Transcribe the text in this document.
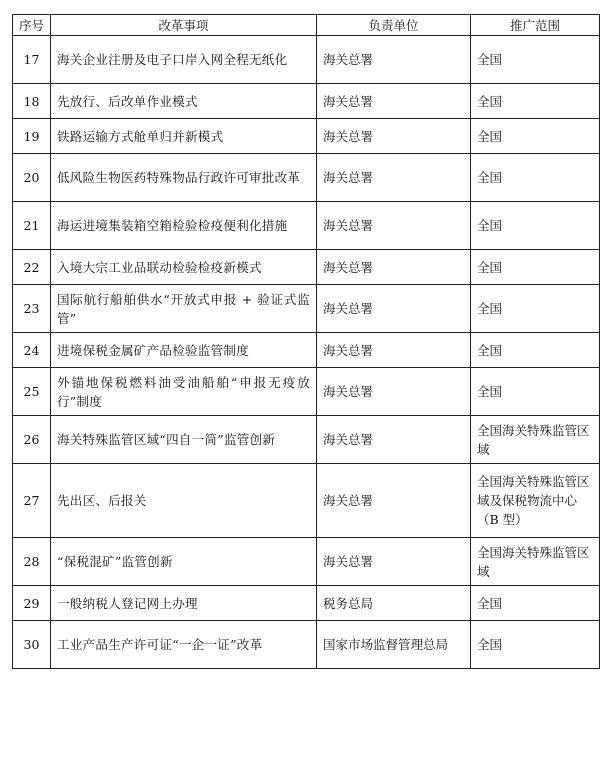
序号	改革事项	负责单位	推广范围
17	海关企业注册及电子口岸入网全程无纸化	海关总署	全国
18	先放行、后改单作业模式	海关总署	全国
19	铁路运输方式舱单归并新模式	海关总署	全国
20	低风险生物医药特殊物品行政许可审批改革	海关总署	全国
21	海运进境集装箱空箱检验检疫便利化措施	海关总署	全国
22	入境大宗工业品联动检验检疫新模式	海关总署	全国
23	国际航行船舶供水“开放式申报 + 验证式监管”	海关总署	全国
24	进境保税金属矿产品检验监管制度	海关总署	全国
25	外锚地保税燃料油受油船舶“申报无疫放行”制度	海关总署	全国
26	海关特殊监管区域“四自一简”监管创新	海关总署	全国海关特殊监管区域
27	先出区、后报关	海关总署	全国海关特殊监管区域及保税物流中心（B 型）
28	“保税混矿”监管创新	海关总署	全国海关特殊监管区域
29	一般纳税人登记网上办理	税务总局	全国
30	工业产品生产许可证“一企一证”改革	国家市场监督管理总局	全国
